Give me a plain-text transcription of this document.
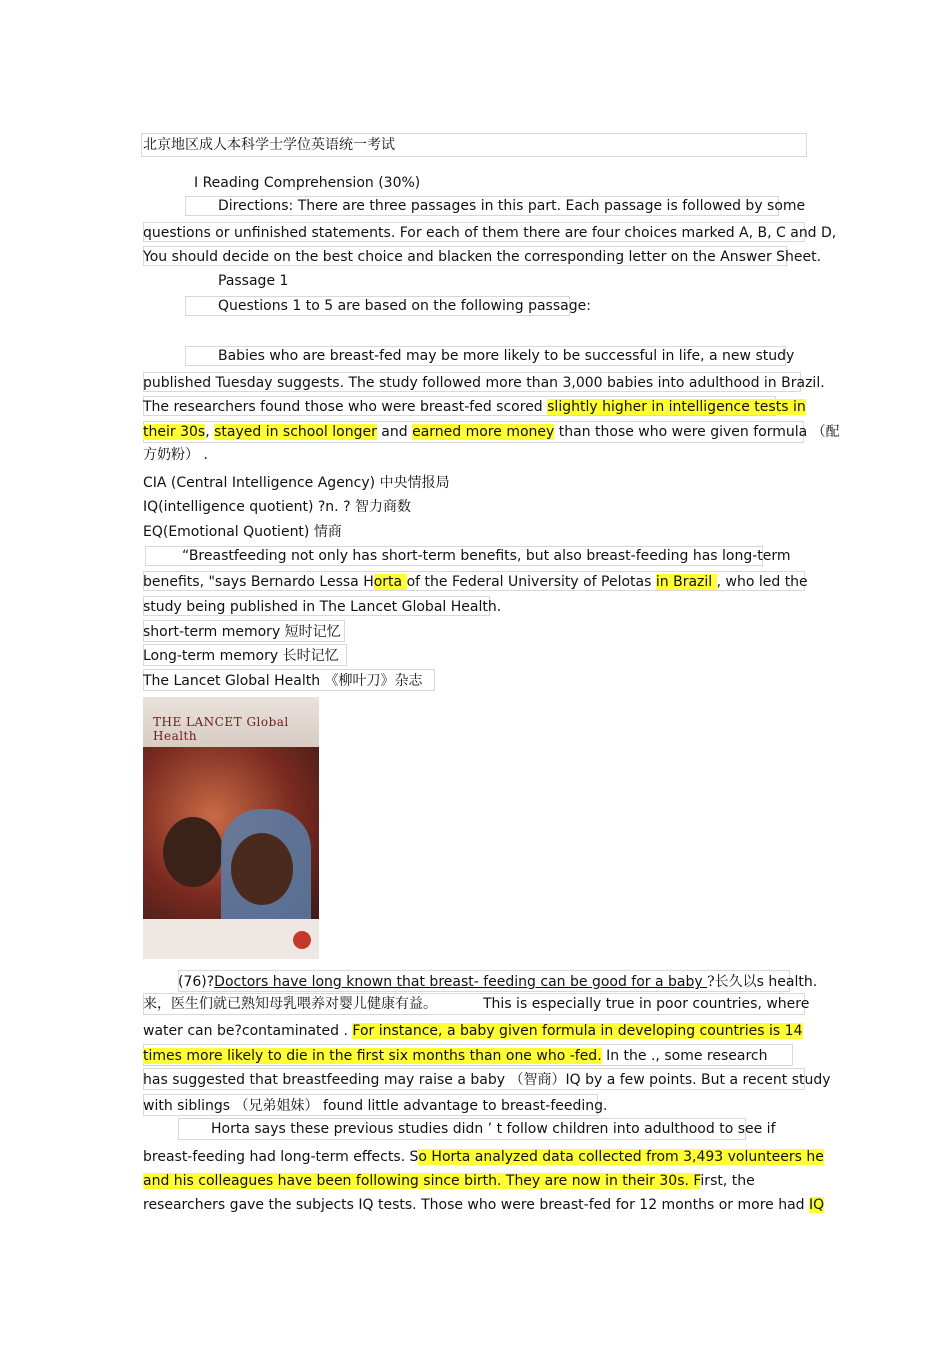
北京地区成人本科学士学位英语统一考试
I Reading Comprehension (30%)
Directions: There are three passages in this part. Each passage is followed by some
questions or unfinished statements. For each of them there are four choices marked A, B, C and D,
You should decide on the best choice and blacken the corresponding letter on the Answer Sheet.
Passage 1
Questions 1 to 5 are based on the following passage:
Babies who are breast-fed may be more likely to be successful in life, a new study
published Tuesday suggests. The study followed more than 3,000 babies into adulthood in Brazil.
The researchers found those who were breast-fed scored slightly higher in intelligence tests in
their 30s, stayed in school longer and earned more money than those who were given formula （配
方奶粉） .
CIA (Central Intelligence Agency) 中央情报局
IQ(intelligence quotient) ?n. ? 智力商数
EQ(Emotional Quotient) 情商
“Breastfeeding not only has short-term benefits, but also breast-feeding has long-term
benefits, "says Bernardo Lessa Horta of the Federal University of Pelotas in Brazil , who led the
study being published in The Lancet Global Health.
short-term memory 短时记忆
Long-term memory 长时记忆
The Lancet Global Health 《柳叶刀》杂志
THE LANCET Global Health
(76)?Doctors have long known that breast- feeding can be good for a baby ?长久以s health.
来，医生们就已熟知母乳喂养对婴儿健康有益。	This is especially true in poor countries, where
water can be?contaminated . For instance, a baby given formula in developing countries is 14
times more likely to die in the first six months than one who -fed. In the ., some research
has suggested that breastfeeding may raise a baby （智商）IQ by a few points. But a recent study
with siblings （兄弟姐妹） found little advantage to breast-feeding.
Horta says these previous studies didn ’ t follow children into adulthood to see if
breast-feeding had long-term effects. So Horta analyzed data collected from 3,493 volunteers he
and his colleagues have been following since birth. They are now in their 30s. First, the
researchers gave the subjects IQ tests. Those who were breast-fed for 12 months or more had IQ
